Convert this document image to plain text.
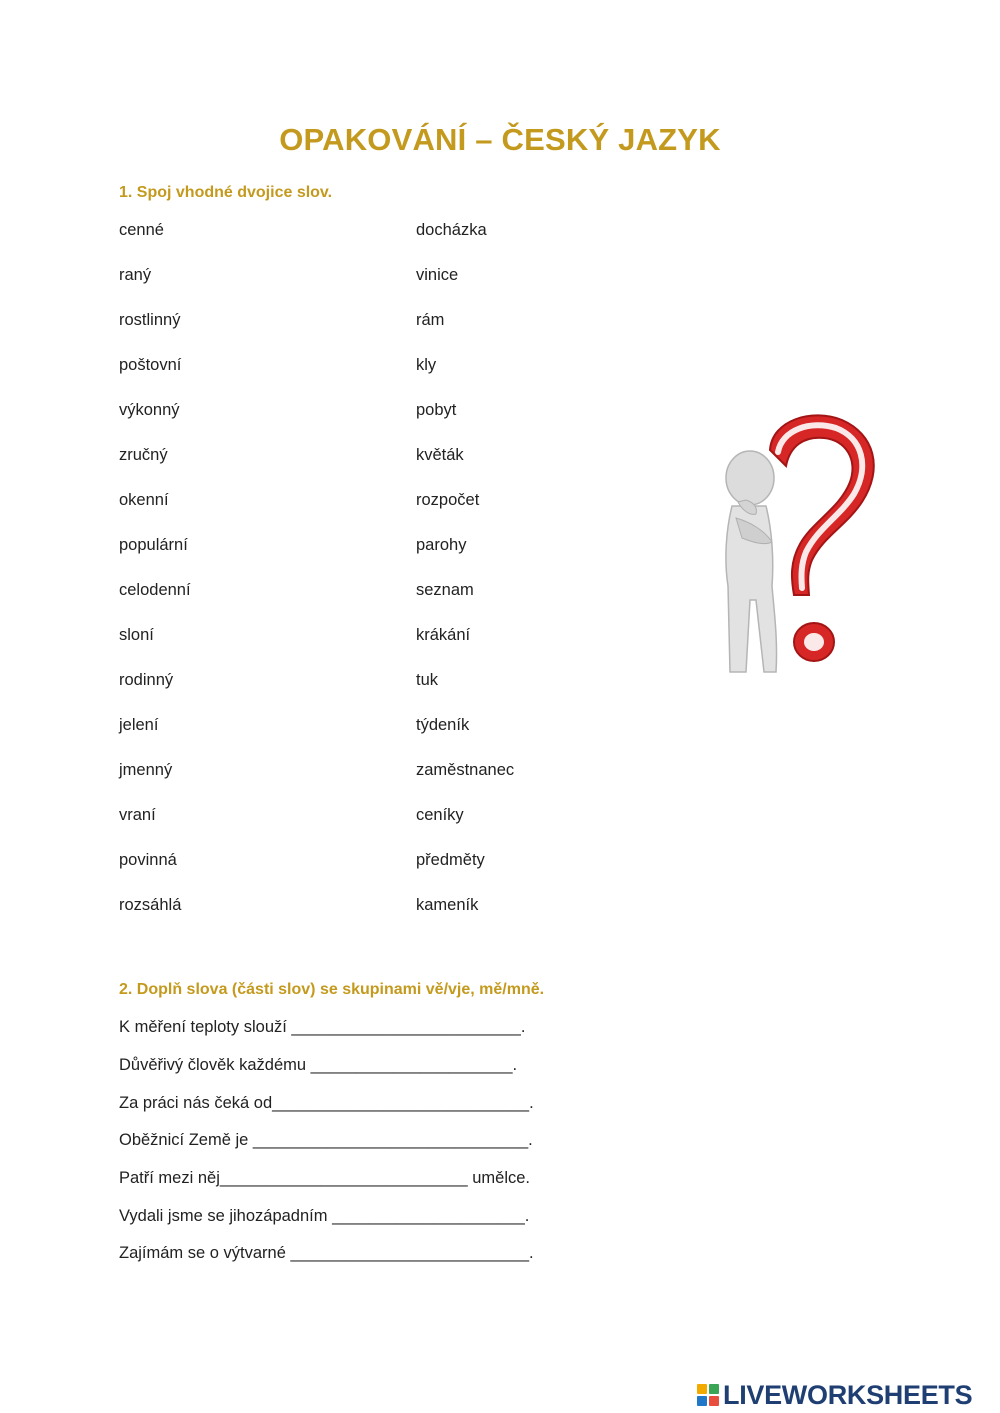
OPAKOVÁNÍ – ČESKÝ JAZYK
1. Spoj vhodné dvojice slov.
cenné
raný
rostlinný
poštovní
výkonný
zručný
okenní
populární
celodenní
sloní
rodinný
jelení
jmenný
vraní
povinná
rozsáhlá
docházka
vinice
rám
kly
pobyt
květák
rozpočet
parohy
seznam
krákání
tuk
týdeník
zaměstnanec
ceníky
předměty
kameník
2. Doplň slova (části slov) se skupinami vě/vje, mě/mně.
K měření teploty slouží _________________________.
Důvěřivý člověk každému ______________________.
Za práci nás čeká od____________________________.
Oběžnicí Země je ______________________________.
Patří mezi něj___________________________ umělce.
Vydali jsme se jihozápadním _____________________.
Zajímám se o výtvarné __________________________.
LIVEWORKSHEETS
